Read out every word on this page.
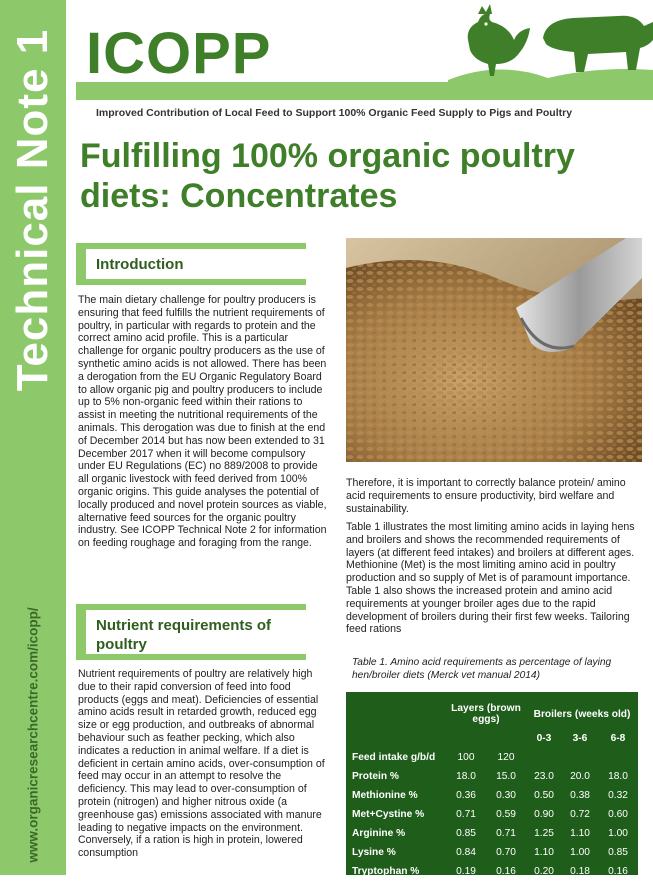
Technical Note 1
www.organicresearchcentre.com/icopp/
ICOPP
Improved Contribution of Local Feed to Support 100% Organic Feed Supply to Pigs and Poultry
Fulfilling 100% organic poultry diets: Concentrates
Introduction

The main dietary challenge for poultry producers is ensuring that feed fulfills the nutrient requirements of poultry, in particular with regards to protein and the correct amino acid profile. This is a particular challenge for organic poultry producers as the use of synthetic amino acids is not allowed. There has been a derogation from the EU Organic Regulatory Board to allow organic pig and poultry producers to include up to 5% non-organic feed within their rations to assist in meeting the nutritional requirements of the animals. This derogation was due to finish at the end of December 2014 but has now been extended to 31 December 2017 when it will become compulsory under EU Regulations (EC) no 889/2008 to provide all organic livestock with feed derived from 100% organic origins. This guide analyses the potential of locally produced and novel protein sources as viable, alternative feed sources for the organic poultry industry. See ICOPP Technical Note 2 for information on feeding roughage and foraging from the range.

Nutrient requirements of poultry

Nutrient requirements of poultry are relatively high due to their rapid conversion of feed into food products (eggs and meat). Deficiencies of essential amino acids result in retarded growth, reduced egg size or egg production, and outbreaks of abnormal behaviour such as feather pecking, which also indicates a reduction in animal welfare. If a diet is deficient in certain amino acids, over-consumption of feed may occur in an attempt to resolve the deficiency. This may lead to over-consumption of protein (nitrogen) and higher nitrous oxide (a greenhouse gas) emissions associated with manure leading to negative impacts on the environment. Conversely, if a ration is high in protein, lowered consumption

Therefore, it is important to correctly balance protein/ amino acid requirements to ensure productivity, bird welfare and sustainability.

Table 1 illustrates the most limiting amino acids in laying hens and broilers and shows the recommended requirements of layers (at different feed intakes) and broilers at different ages. Methionine (Met) is the most limiting amino acid in poultry production and so supply of Met is of paramount importance. Table 1 also shows the increased protein and amino acid requirements at younger broiler ages due to the rapid development of broilers during their first few weeks. Tailoring feed rations

Table 1. Amino acid requirements as percentage of laying hen/broiler diets (Merck vet manual 2014)
	Layers (brown eggs)		Broilers (weeks old)		
			0-3	3-6	6-8
Feed intake g/b/d	100	120			
Protein %	18.0	15.0	23.0	20.0	18.0
Methionine %	0.36	0.30	0.50	0.38	0.32
Met+Cystine %	0.71	0.59	0.90	0.72	0.60
Arginine %	0.85	0.71	1.25	1.10	1.00
Lysine %	0.84	0.70	1.10	1.00	0.85
Tryptophan %	0.19	0.16	0.20	0.18	0.16
